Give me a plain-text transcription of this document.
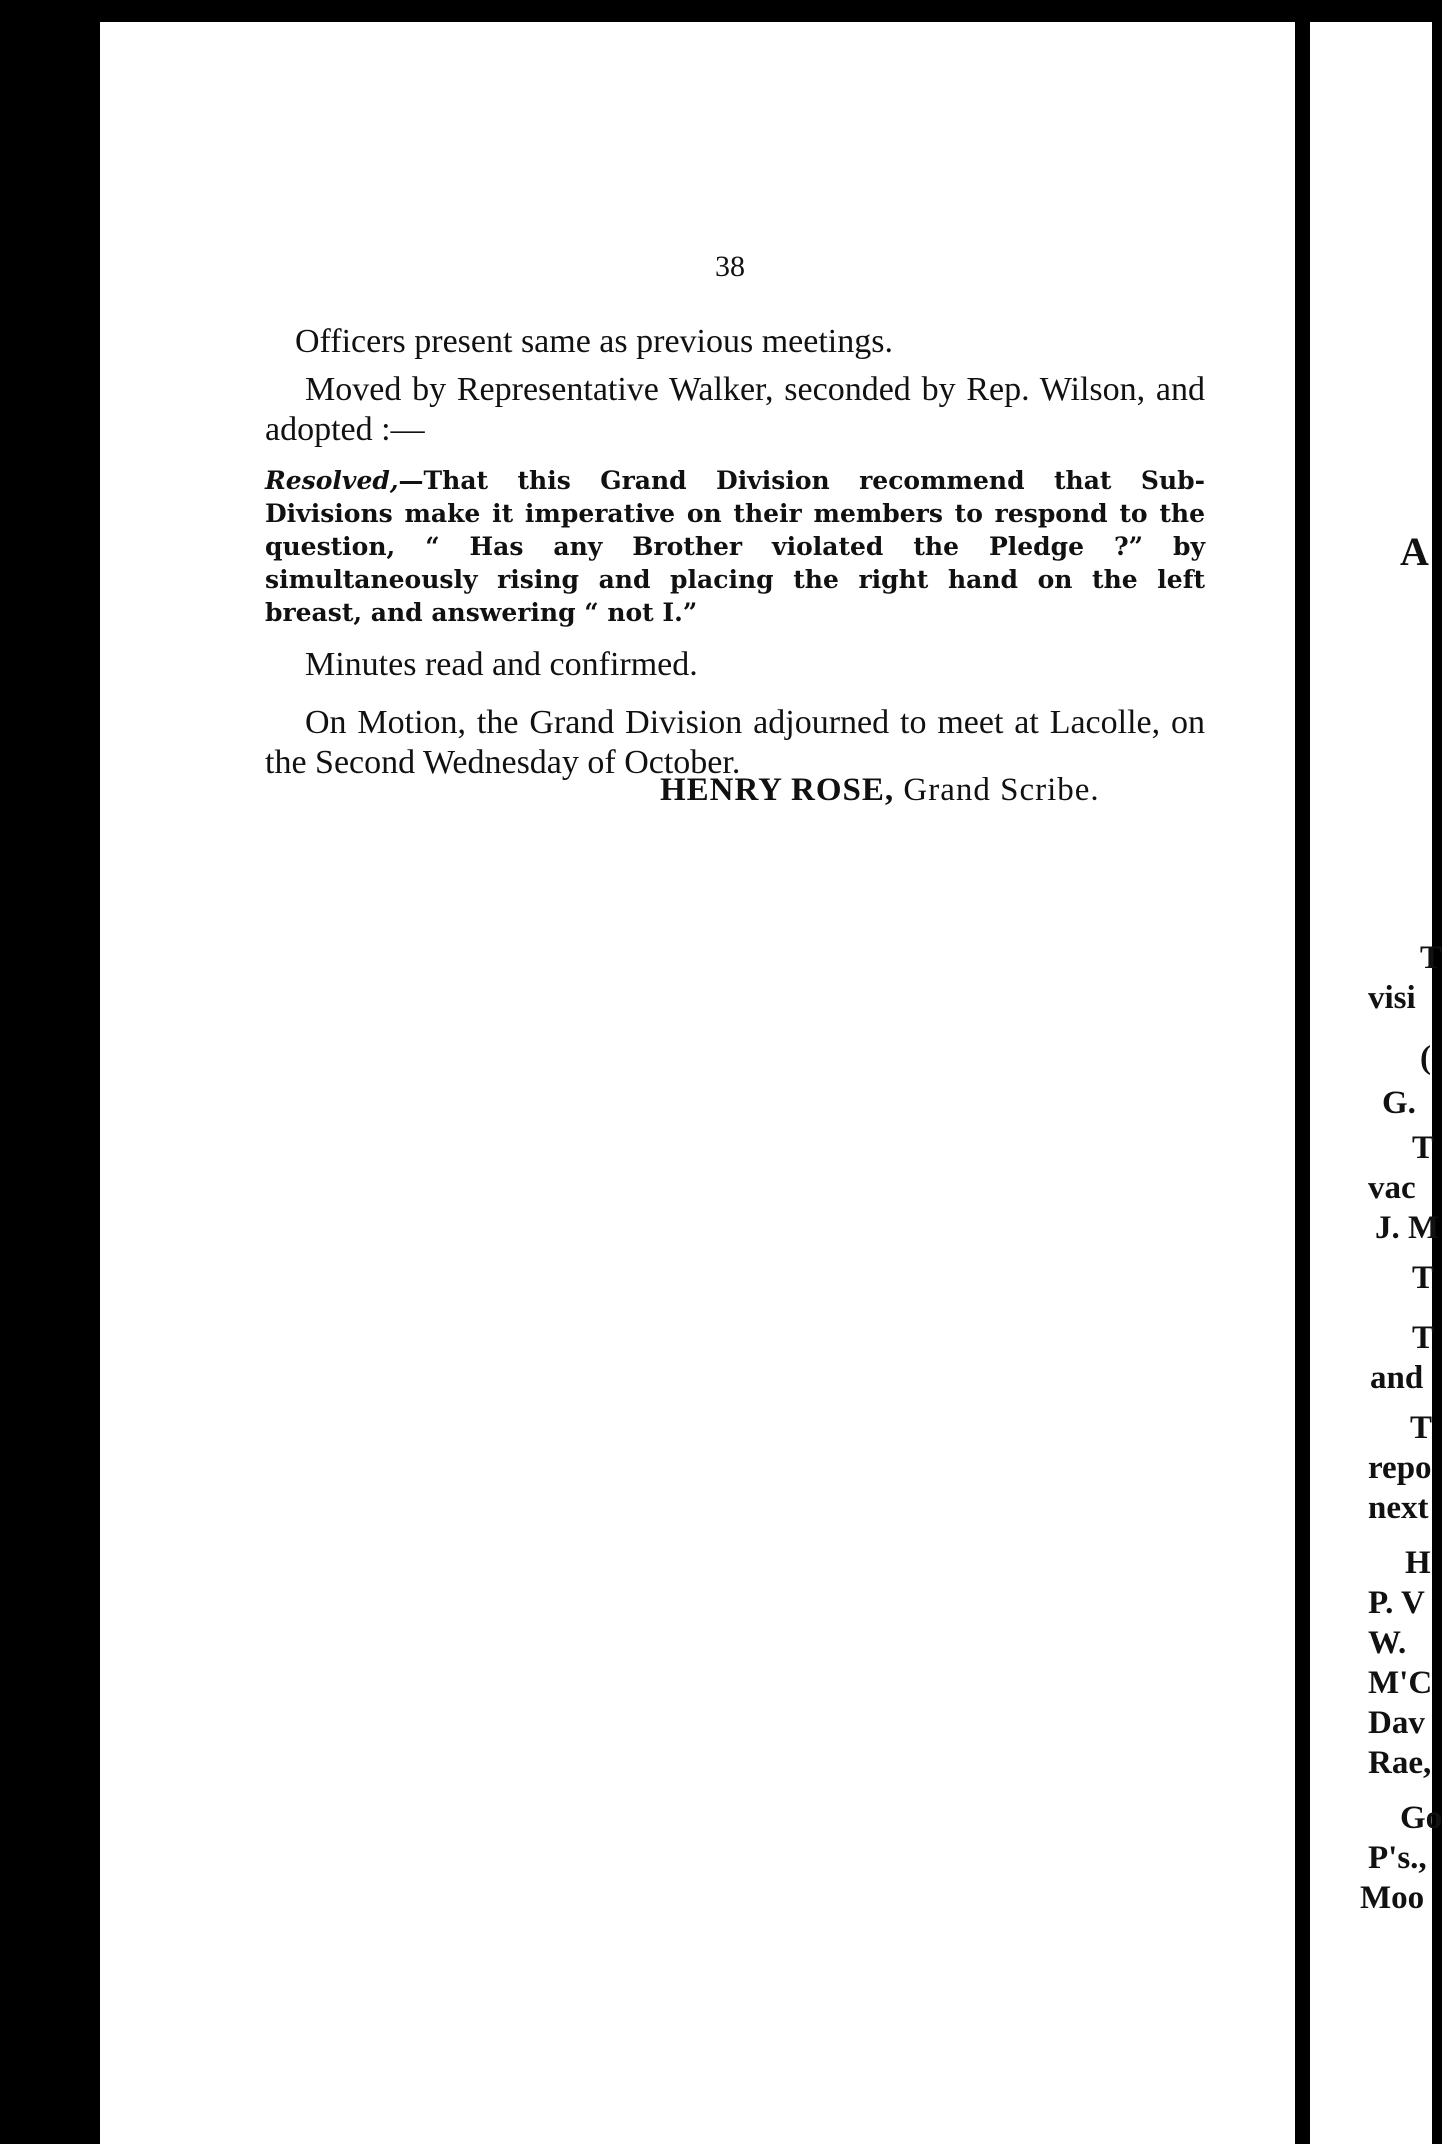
38

Officers present same as previous meetings.

Moved by Representative Walker, seconded by Rep. Wilson, and adopted :—

Resolved,—That this Grand Division recommend that Sub-Divisions make it imperative on their members to respond to the question, “ Has any Brother violated the Pledge ?” by simultaneously rising and placing the right hand on the left breast, and answering “ not I.”

Minutes read and confirmed.

On Motion, the Grand Division adjourned to meet at Lacolle, on the Second Wednesday of October.

HENRY ROSE, Grand Scribe.
A
T
visi
(
G.
T
vac
J. M
T
T
and
T
repo
next
H
P. V
W.
M'C
Dav
Rae,
Go
P's.,
Moo
